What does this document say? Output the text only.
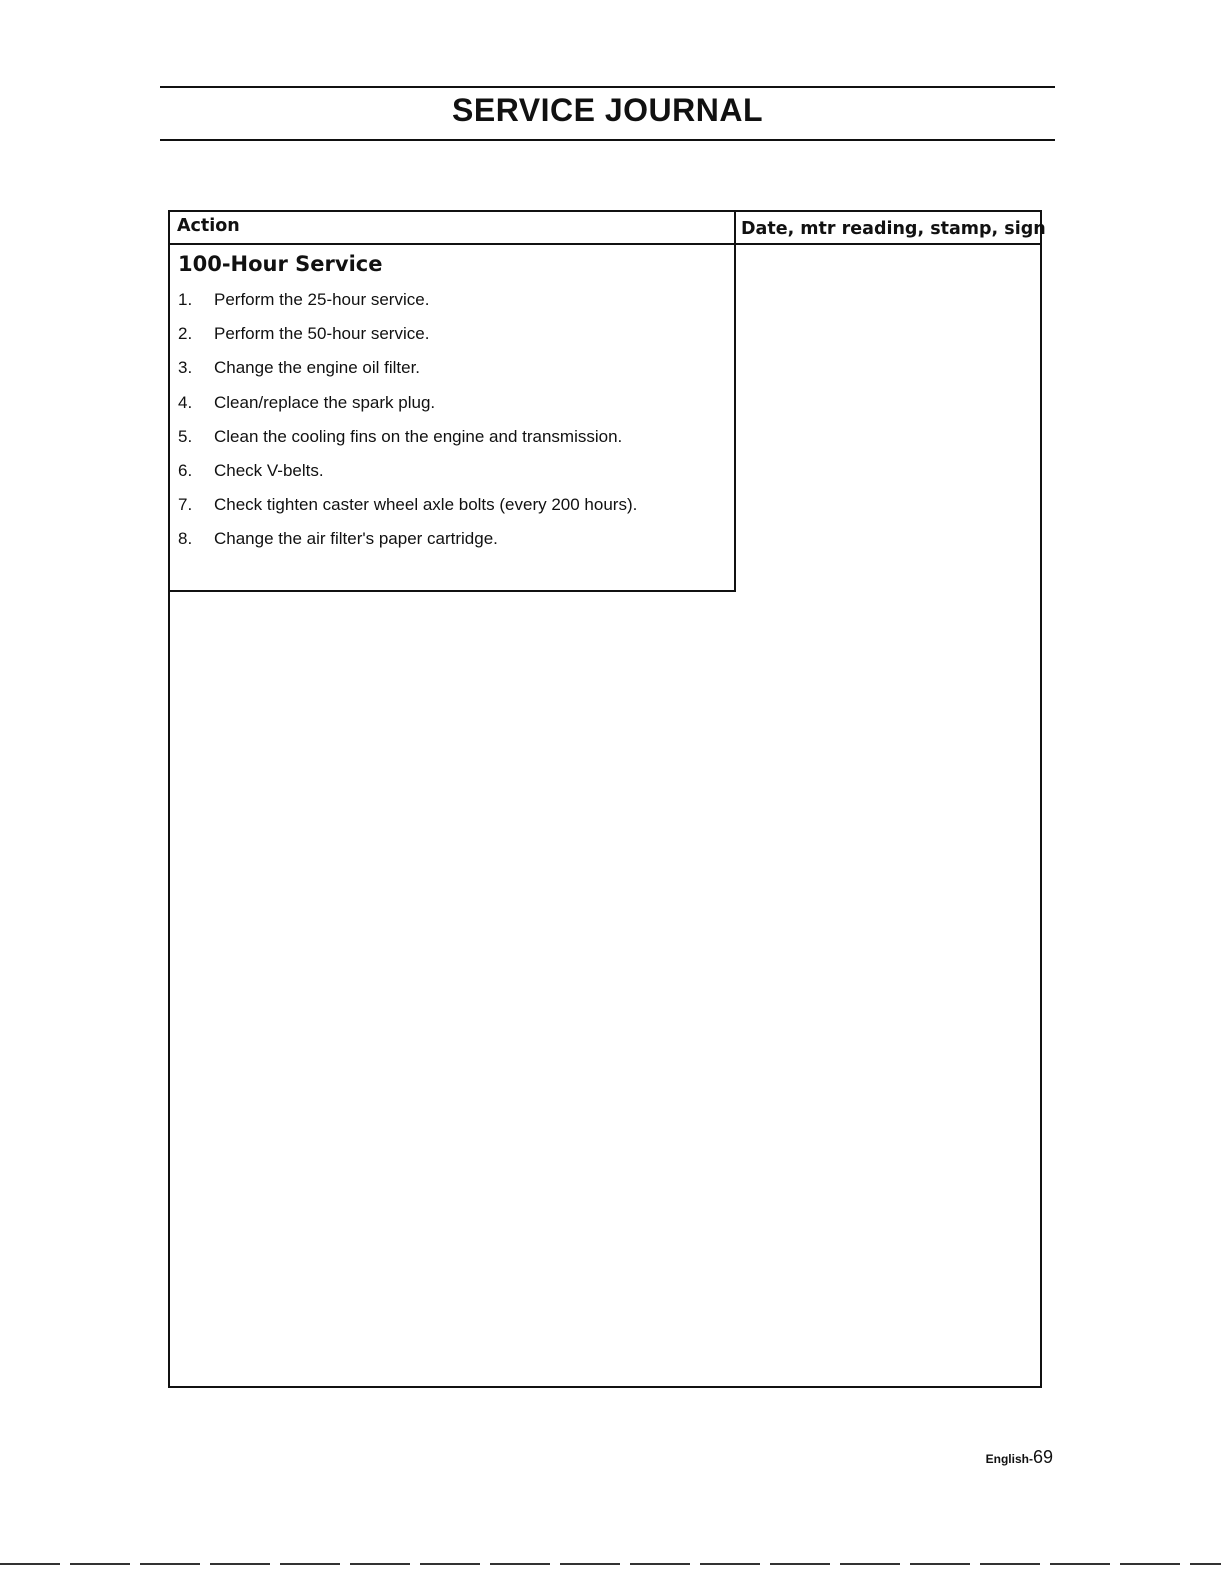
SERVICE JOURNAL
Action	Date, mtr reading, stamp, sign
100-Hour Service
1.	Perform the 25-hour service.
2.	Perform the 50-hour service.
3.	Change the engine oil filter.
4.	Clean/replace the spark plug.
5.	Clean the cooling fins on the engine and transmission.
6.	Check V-belts.
7.	Check tighten caster wheel axle bolts (every 200 hours).
8.	Change the air filter's paper cartridge.
English-69
